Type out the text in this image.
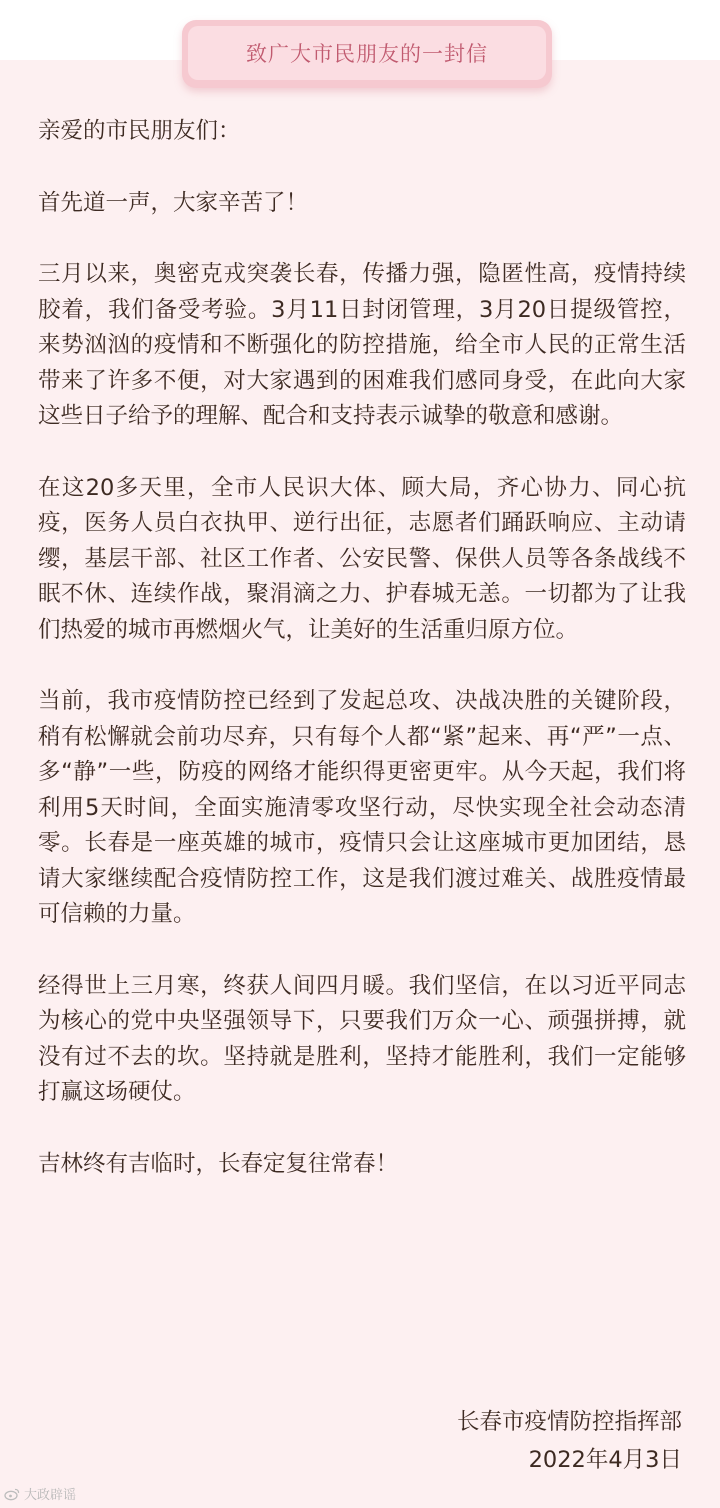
致广大市民朋友的一封信

亲爱的市民朋友们：

首先道一声，大家辛苦了！

三月以来，奥密克戎突袭长春，传播力强，隐匿性高，疫情持续胶着，我们备受考验。3月11日封闭管理，3月20日提级管控，来势汹汹的疫情和不断强化的防控措施，给全市人民的正常生活带来了许多不便，对大家遇到的困难我们感同身受，在此向大家这些日子给予的理解、配合和支持表示诚挚的敬意和感谢。

在这20多天里，全市人民识大体、顾大局，齐心协力、同心抗疫，医务人员白衣执甲、逆行出征，志愿者们踊跃响应、主动请缨，基层干部、社区工作者、公安民警、保供人员等各条战线不眠不休、连续作战，聚涓滴之力、护春城无恙。一切都为了让我们热爱的城市再燃烟火气，让美好的生活重归原方位。

当前，我市疫情防控已经到了发起总攻、决战决胜的关键阶段，稍有松懈就会前功尽弃，只有每个人都“紧”起来、再“严”一点、多“静”一些，防疫的网络才能织得更密更牢。从今天起，我们将利用5天时间，全面实施清零攻坚行动，尽快实现全社会动态清零。长春是一座英雄的城市，疫情只会让这座城市更加团结，恳请大家继续配合疫情防控工作，这是我们渡过难关、战胜疫情最可信赖的力量。

经得世上三月寒，终获人间四月暖。我们坚信，在以习近平同志为核心的党中央坚强领导下，只要我们万众一心、顽强拼搏，就没有过不去的坎。坚持就是胜利，坚持才能胜利，我们一定能够打赢这场硬仗。

吉林终有吉临时，长春定复往常春！

长春市疫情防控指挥部
2022年4月3日
大政辟谣
